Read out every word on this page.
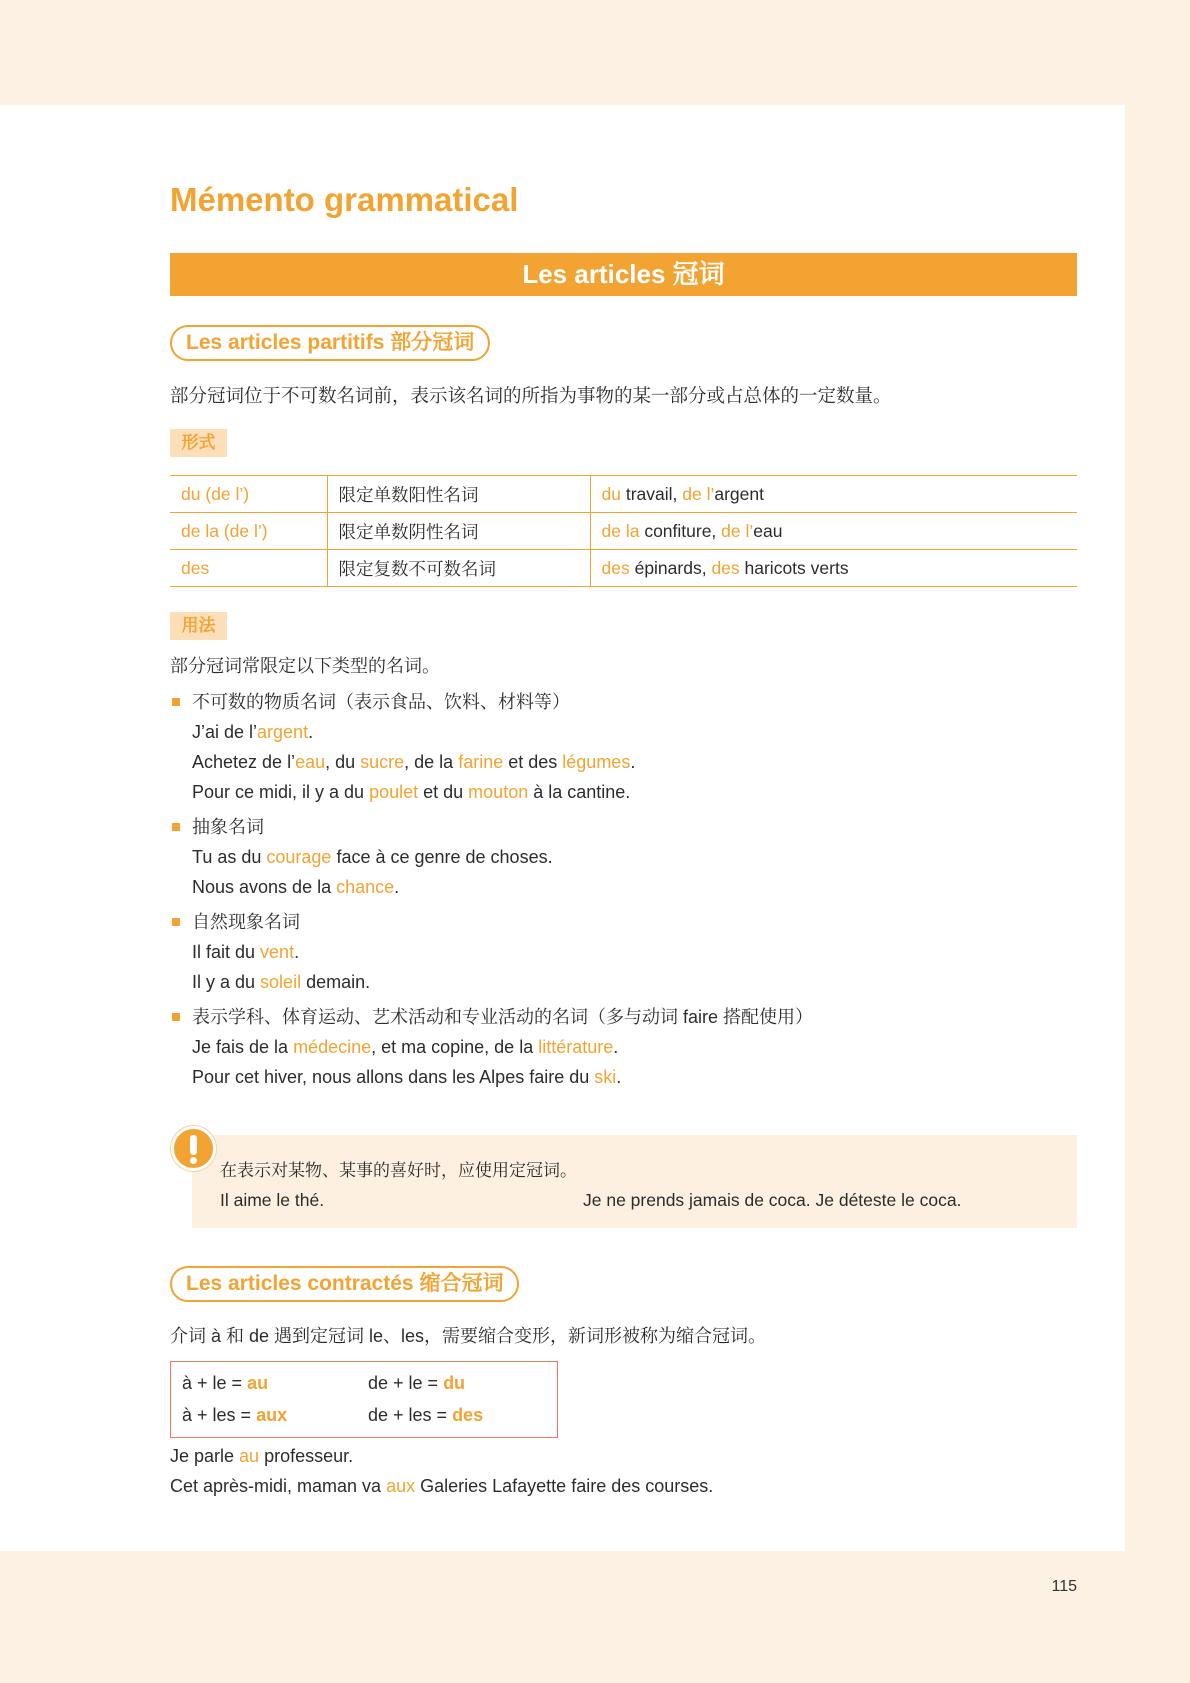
Mémento grammatical
Les articles 冠词
Les articles partitifs 部分冠词
部分冠词位于不可数名词前，表示该名词的所指为事物的某一部分或占总体的一定数量。
形式
du (de l’)	限定单数阳性名词	du travail, de l’argent
de la (de l’)	限定单数阴性名词	de la confiture, de l’eau
des	限定复数不可数名词	des épinards, des haricots verts
用法
部分冠词常限定以下类型的名词。
不可数的物质名词（表示食品、饮料、材料等）
J’ai de l’argent.
Achetez de l’eau, du sucre, de la farine et des légumes.
Pour ce midi, il y a du poulet et du mouton à la cantine.
抽象名词
Tu as du courage face à ce genre de choses.
Nous avons de la chance.
自然现象名词
Il fait du vent.
Il y a du soleil demain.
表示学科、体育运动、艺术活动和专业活动的名词（多与动词 faire 搭配使用）
Je fais de la médecine, et ma copine, de la littérature.
Pour cet hiver, nous allons dans les Alpes faire du ski.
在表示对某物、某事的喜好时，应使用定冠词。
Il aime le thé.	Je ne prends jamais de coca. Je déteste le coca.
Les articles contractés 缩合冠词
介词 à 和 de 遇到定冠词 le、les，需要缩合变形，新词形被称为缩合冠词。
à + le = au	de + le = du
à + les = aux	de + les = des
Je parle au professeur.
Cet après-midi, maman va aux Galeries Lafayette faire des courses.
115
